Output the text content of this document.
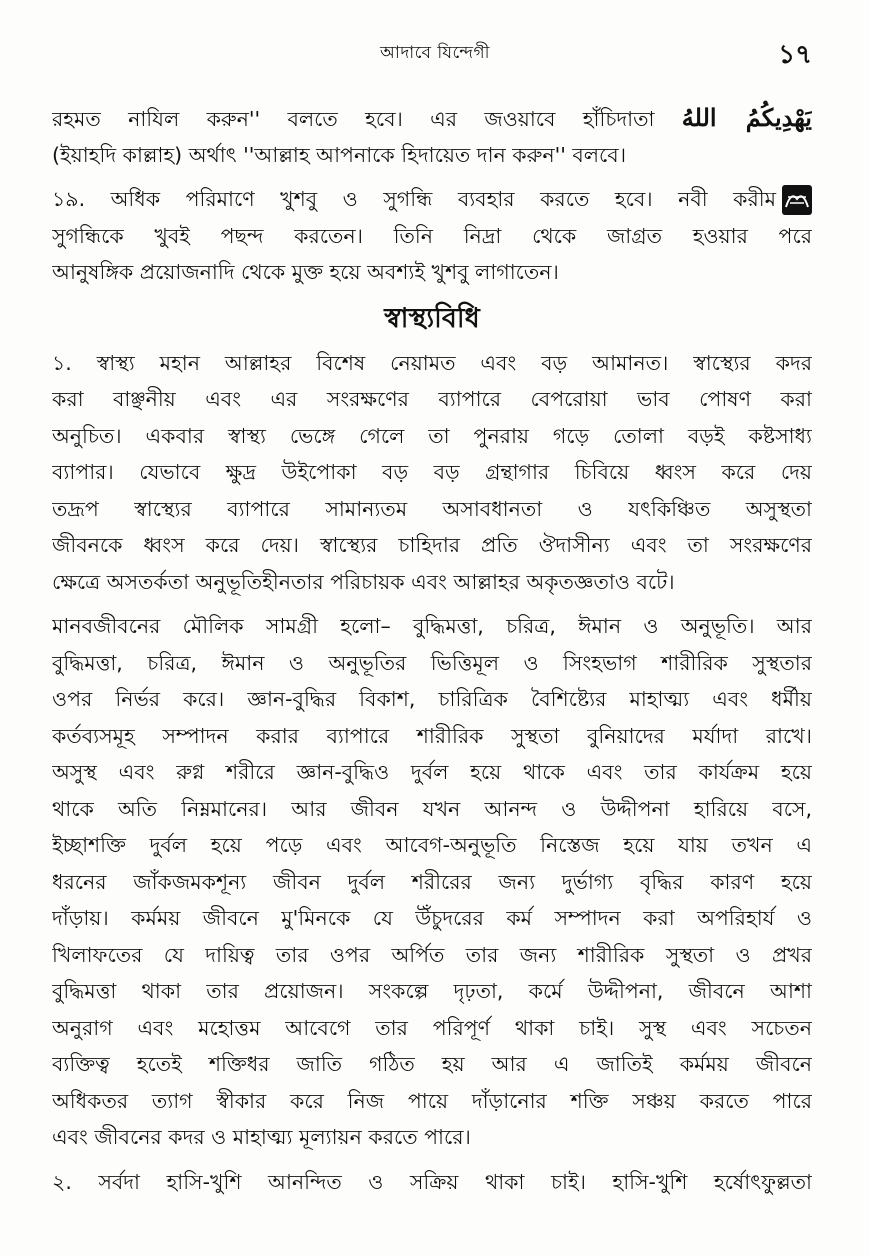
আদাবে যিন্দেগী	১৭
রহমত নাযিল করুন'' বলতে হবে। এর জওয়াবে হাঁচিদাতা يَهْدِيكُمُ اللهُ
(ইয়াহদি কাল্লাহ) অর্থাৎ ''আল্লাহ আপনাকে হিদায়েত দান করুন'' বলবে।
১৯. অধিক পরিমাণে খুশবু ও সুগন্ধি ব্যবহার করতে হবে। নবী করীম
সুগন্ধিকে খুবই পছন্দ করতেন। তিনি নিদ্রা থেকে জাগ্রত হওয়ার পরে
আনুষঙ্গিক প্রয়োজনাদি থেকে মুক্ত হয়ে অবশ্যই খুশবু লাগাতেন।
স্বাস্থ্যবিধি
১. স্বাস্থ্য মহান আল্লাহর বিশেষ নেয়ামত এবং বড় আমানত। স্বাস্থ্যের কদর
করা বাঞ্ছনীয় এবং এর সংরক্ষণের ব্যাপারে বেপরোয়া ভাব পোষণ করা
অনুচিত। একবার স্বাস্থ্য ভেঙ্গে গেলে তা পুনরায় গড়ে তোলা বড়ই কষ্টসাধ্য
ব্যাপার। যেভাবে ক্ষুদ্র উইপোকা বড় বড় গ্রন্থাগার চিবিয়ে ধ্বংস করে দেয়
তদ্রূপ স্বাস্থ্যের ব্যাপারে সামান্যতম অসাবধানতা ও যৎকিঞ্চিত অসুস্থতা
জীবনকে ধ্বংস করে দেয়। স্বাস্থ্যের চাহিদার প্রতি ঔদাসীন্য এবং তা সংরক্ষণের
ক্ষেত্রে অসতর্কতা অনুভূতিহীনতার পরিচায়ক এবং আল্লাহর অকৃতজ্ঞতাও বটে।
মানবজীবনের মৌলিক সামগ্রী হলো– বুদ্ধিমত্তা, চরিত্র, ঈমান ও অনুভূতি। আর
বুদ্ধিমত্তা, চরিত্র, ঈমান ও অনুভূতির ভিত্তিমূল ও সিংহভাগ শারীরিক সুস্থতার
ওপর নির্ভর করে। জ্ঞান-বুদ্ধির বিকাশ, চারিত্রিক বৈশিষ্ট্যের মাহাত্ম্য এবং ধর্মীয়
কর্তব্যসমূহ সম্পাদন করার ব্যাপারে শারীরিক সুস্থতা বুনিয়াদের মর্যাদা রাখে।
অসুস্থ এবং রুগ্ন শরীরে জ্ঞান-বুদ্ধিও দুর্বল হয়ে থাকে এবং তার কার্যক্রম হয়ে
থাকে অতি নিম্নমানের। আর জীবন যখন আনন্দ ও উদ্দীপনা হারিয়ে বসে,
ইচ্ছাশক্তি দুর্বল হয়ে পড়ে এবং আবেগ-অনুভূতি নিস্তেজ হয়ে যায় তখন এ
ধরনের জাঁকজমকশূন্য জীবন দুর্বল শরীরের জন্য দুর্ভাগ্য বৃদ্ধির কারণ হয়ে
দাঁড়ায়। কর্মময় জীবনে মু'মিনকে যে উঁচুদরের কর্ম সম্পাদন করা অপরিহার্য ও
খিলাফতের যে দায়িত্ব তার ওপর অর্পিত তার জন্য শারীরিক সুস্থতা ও প্রখর
বুদ্ধিমত্তা থাকা তার প্রয়োজন। সংকল্পে দৃঢ়তা, কর্মে উদ্দীপনা, জীবনে আশা
অনুরাগ এবং মহোত্তম আবেগে তার পরিপূর্ণ থাকা চাই। সুস্থ এবং সচেতন
ব্যক্তিত্ব হতেই শক্তিধর জাতি গঠিত হয় আর এ জাতিই কর্মময় জীবনে
অধিকতর ত্যাগ স্বীকার করে নিজ পায়ে দাঁড়ানোর শক্তি সঞ্চয় করতে পারে
এবং জীবনের কদর ও মাহাত্ম্য মূল্যায়ন করতে পারে।
২. সর্বদা হাসি-খুশি আনন্দিত ও সক্রিয় থাকা চাই। হাসি-খুশি হর্ষোৎফুল্লতা
